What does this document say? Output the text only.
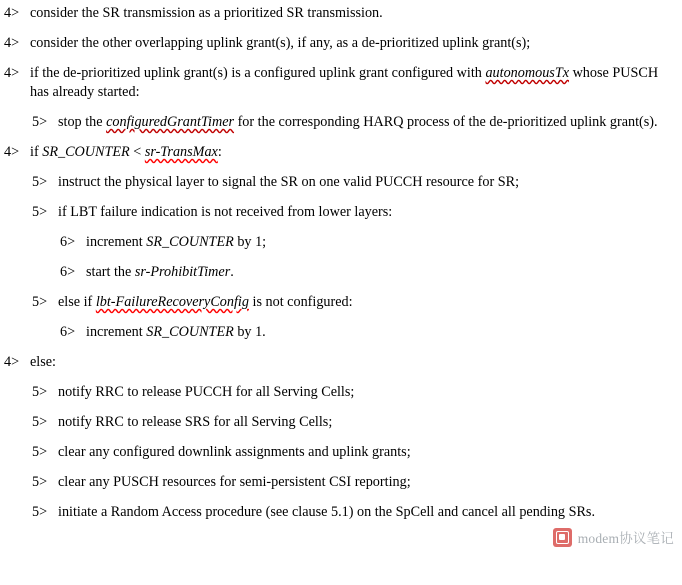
4> consider the SR transmission as a prioritized SR transmission.
4> consider the other overlapping uplink grant(s), if any, as a de-prioritized uplink grant(s);
4> if the de-prioritized uplink grant(s) is a configured uplink grant configured with autonomousTx whose PUSCH has already started:
5> stop the configuredGrantTimer for the corresponding HARQ process of the de-prioritized uplink grant(s).
4> if SR_COUNTER < sr-TransMax:
5> instruct the physical layer to signal the SR on one valid PUCCH resource for SR;
5> if LBT failure indication is not received from lower layers:
6> increment SR_COUNTER by 1;
6> start the sr-ProhibitTimer.
5> else if lbt-FailureRecoveryConfig is not configured:
6> increment SR_COUNTER by 1.
4> else:
5> notify RRC to release PUCCH for all Serving Cells;
5> notify RRC to release SRS for all Serving Cells;
5> clear any configured downlink assignments and uplink grants;
5> clear any PUSCH resources for semi-persistent CSI reporting;
5> initiate a Random Access procedure (see clause 5.1) on the SpCell and cancel all pending SRs.
modem协议笔记
